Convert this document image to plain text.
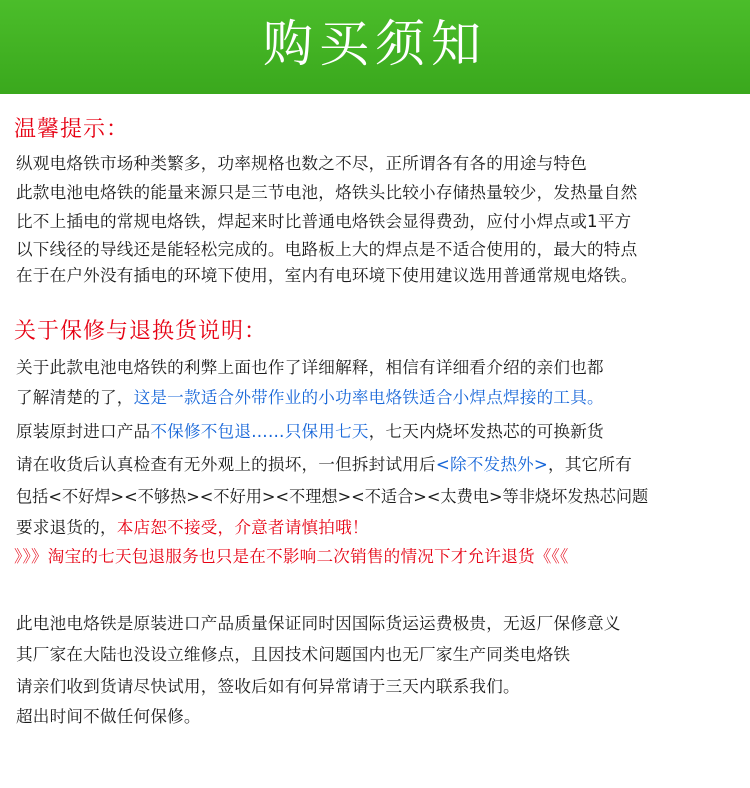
购买须知
温馨提示：
纵观电烙铁市场种类繁多，功率规格也数之不尽，正所谓各有各的用途与特色
此款电池电烙铁的能量来源只是三节电池，烙铁头比较小存储热量较少，发热量自然
比不上插电的常规电烙铁，焊起来时比普通电烙铁会显得费劲，应付小焊点或1平方
以下线径的导线还是能轻松完成的。电路板上大的焊点是不适合使用的，最大的特点
在于在户外没有插电的环境下使用，室内有电环境下使用建议选用普通常规电烙铁。
关于保修与退换货说明：
关于此款电池电烙铁的利弊上面也作了详细解释，相信有详细看介绍的亲们也都
了解清楚的了，这是一款适合外带作业的小功率电烙铁适合小焊点焊接的工具。
原装原封进口产品不保修不包退……只保用七天，七天内烧坏发热芯的可换新货
请在收货后认真检查有无外观上的损坏，一但拆封试用后<除不发热外>，其它所有
包括<不好焊><不够热><不好用><不理想><不适合><太费电>等非烧坏发热芯问题
要求退货的，本店恕不接受，介意者请慎拍哦！
》》》淘宝的七天包退服务也只是在不影响二次销售的情况下才允许退货《《《
此电池电烙铁是原装进口产品质量保证同时因国际货运运费极贵，无返厂保修意义
其厂家在大陆也没设立维修点，且因技术问题国内也无厂家生产同类电烙铁
请亲们收到货请尽快试用，签收后如有何异常请于三天内联系我们。
超出时间不做任何保修。
